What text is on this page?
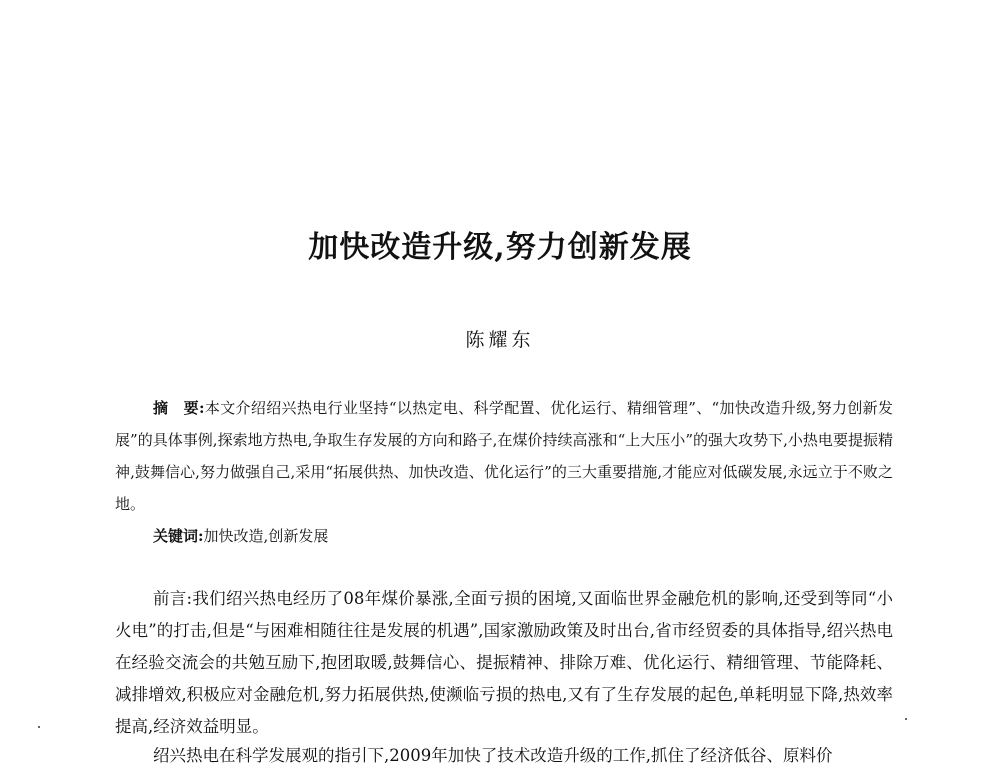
加快改造升级,努力创新发展
陈耀东

摘　要:本文介绍绍兴热电行业坚持“以热定电、科学配置、优化运行、精细管理”、“加快改造升级,努力创新发展”的具体事例,探索地方热电,争取生存发展的方向和路子,在煤价持续高涨和“上大压小”的强大攻势下,小热电要提振精神,鼓舞信心,努力做强自己,采用“拓展供热、加快改造、优化运行”的三大重要措施,才能应对低碳发展,永远立于不败之地。

关键词:加快改造,创新发展

前言:我们绍兴热电经历了08年煤价暴涨,全面亏损的困境,又面临世界金融危机的影响,还受到等同“小火电”的打击,但是“与困难相随往往是发展的机遇”,国家激励政策及时出台,省市经贸委的具体指导,绍兴热电在经验交流会的共勉互励下,抱团取暖,鼓舞信心、提振精神、排除万难、优化运行、精细管理、节能降耗、减排增效,积极应对金融危机,努力拓展供热,使濒临亏损的热电,又有了生存发展的起色,单耗明显下降,热效率提高,经济效益明显。

绍兴热电在科学发展观的指引下,2009年加快了技术改造升级的工作,抓住了经济低谷、原料价
